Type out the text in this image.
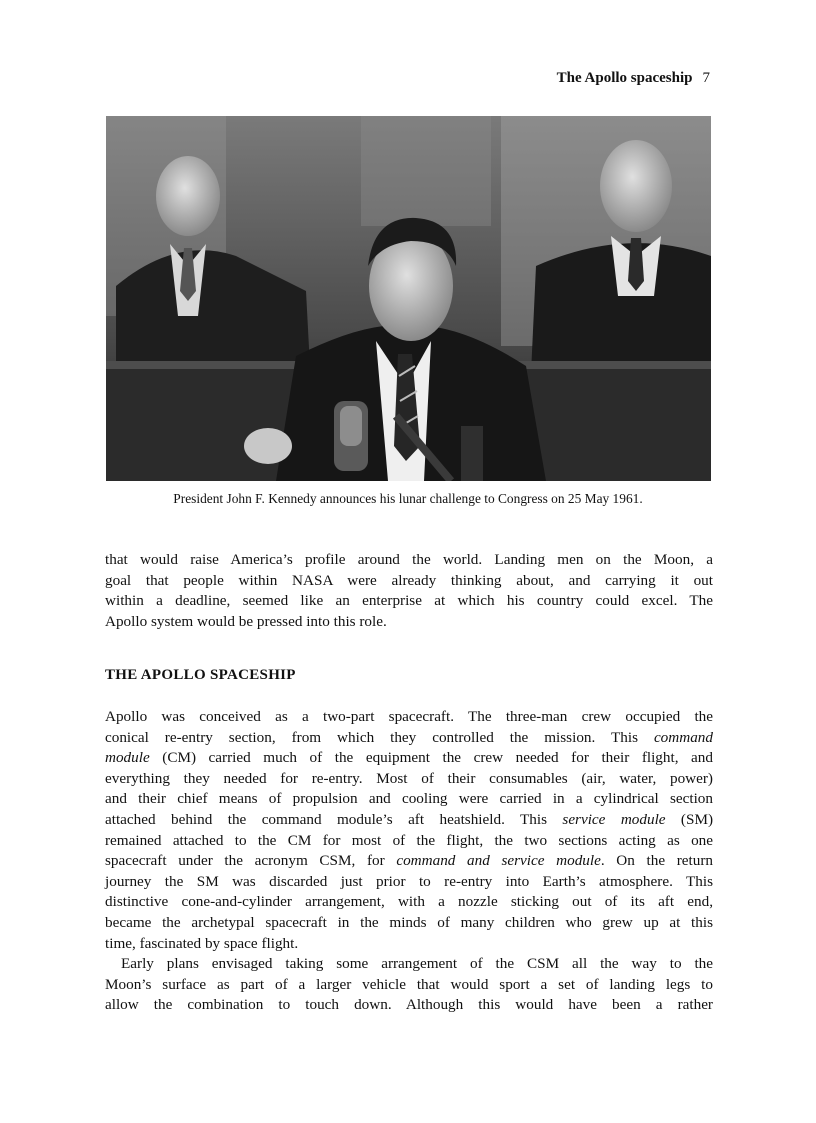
The Apollo spaceship 7
President John F. Kennedy announces his lunar challenge to Congress on 25 May 1961.
that would raise America’s profile around the world. Landing men on the Moon, a
goal that people within NASA were already thinking about, and carrying it out
within a deadline, seemed like an enterprise at which his country could excel. The
Apollo system would be pressed into this role.
THE APOLLO SPACESHIP
Apollo was conceived as a two-part spacecraft. The three-man crew occupied the
conical re-entry section, from which they controlled the mission. This command
module (CM) carried much of the equipment the crew needed for their flight, and
everything they needed for re-entry. Most of their consumables (air, water, power)
and their chief means of propulsion and cooling were carried in a cylindrical section
attached behind the command module’s aft heatshield. This service module (SM)
remained attached to the CM for most of the flight, the two sections acting as one
spacecraft under the acronym CSM, for command and service module. On the return
journey the SM was discarded just prior to re-entry into Earth’s atmosphere. This
distinctive cone-and-cylinder arrangement, with a nozzle sticking out of its aft end,
became the archetypal spacecraft in the minds of many children who grew up at this
time, fascinated by space flight.
Early plans envisaged taking some arrangement of the CSM all the way to the
Moon’s surface as part of a larger vehicle that would sport a set of landing legs to
allow the combination to touch down. Although this would have been a rather
